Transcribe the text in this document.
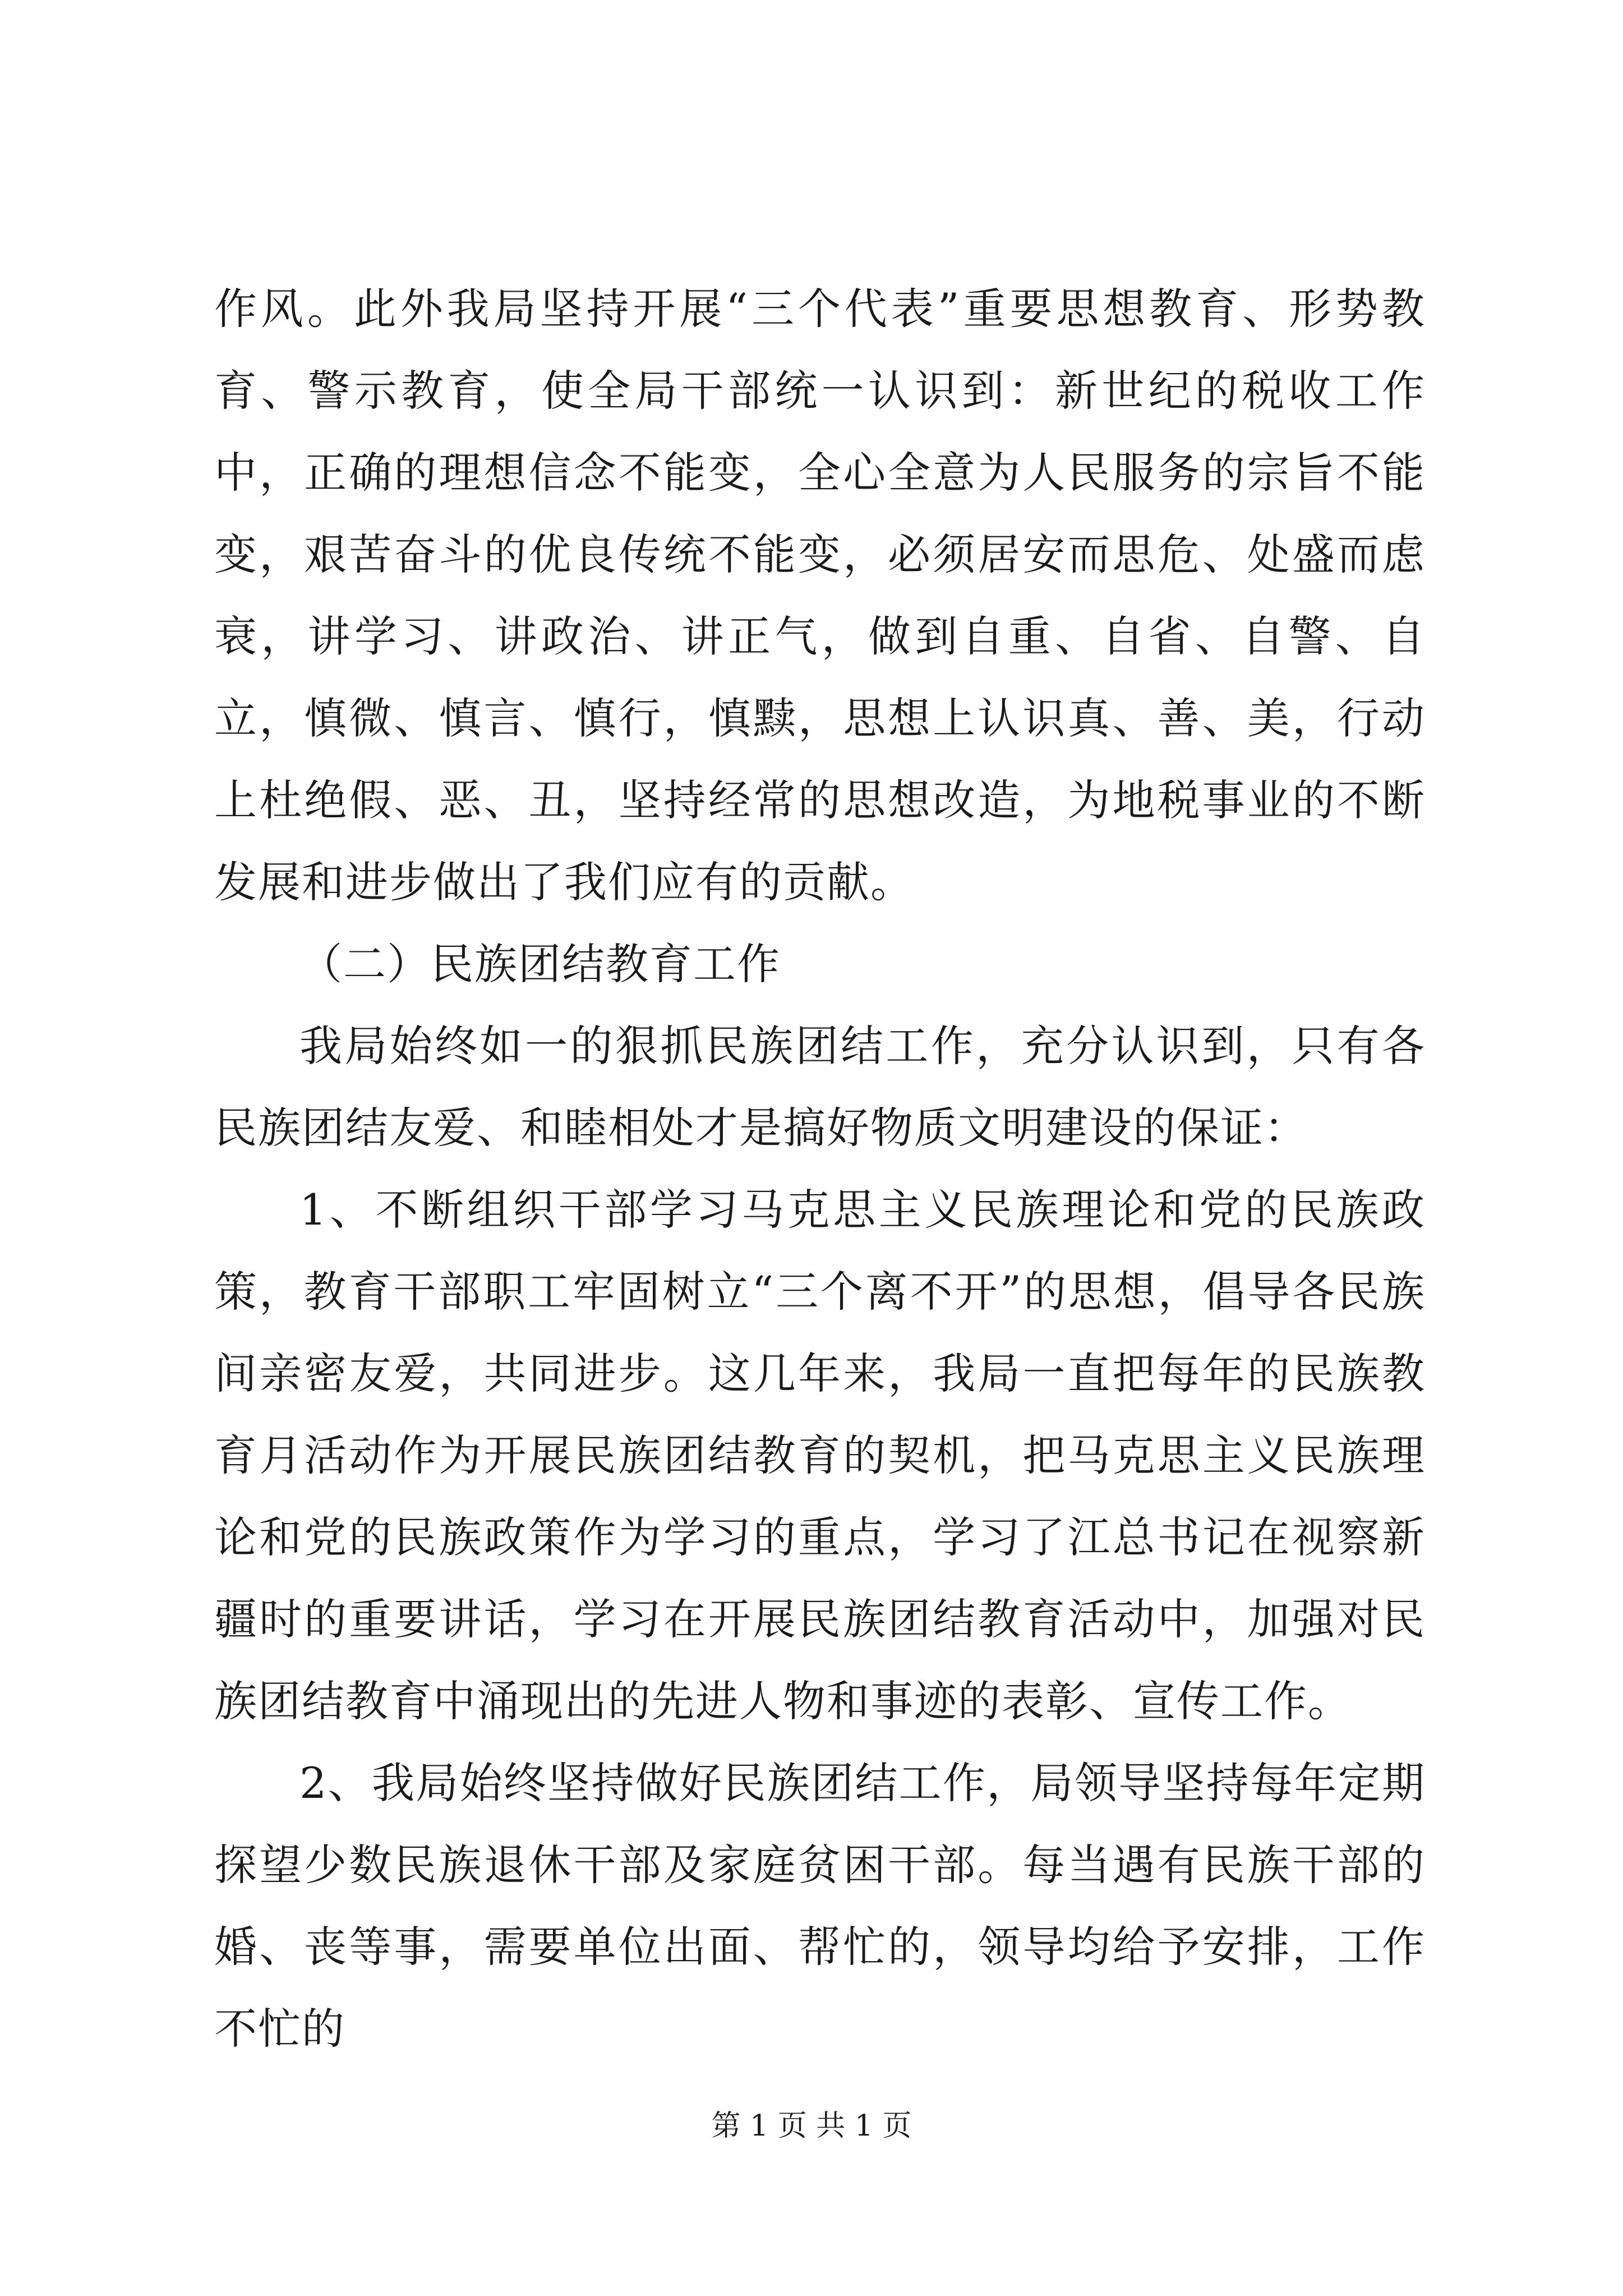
作风。此外我局坚持开展“三个代表”重要思想教育、形势教育、警示教育，使全局干部统一认识到：新世纪的税收工作中，正确的理想信念不能变，全心全意为人民服务的宗旨不能变，艰苦奋斗的优良传统不能变，必须居安而思危、处盛而虑衰，讲学习、讲政治、讲正气，做到自重、自省、自警、自立，慎微、慎言、慎行，慎黩，思想上认识真、善、美，行动上杜绝假、恶、丑，坚持经常的思想改造，为地税事业的不断发展和进步做出了我们应有的贡献。

（二）民族团结教育工作

我局始终如一的狠抓民族团结工作，充分认识到，只有各民族团结友爱、和睦相处才是搞好物质文明建设的保证：

1、不断组织干部学习马克思主义民族理论和党的民族政策，教育干部职工牢固树立“三个离不开”的思想，倡导各民族间亲密友爱，共同进步。这几年来，我局一直把每年的民族教育月活动作为开展民族团结教育的契机，把马克思主义民族理论和党的民族政策作为学习的重点，学习了江总书记在视察新疆时的重要讲话，学习在开展民族团结教育活动中，加强对民族团结教育中涌现出的先进人物和事迹的表彰、宣传工作。

2、我局始终坚持做好民族团结工作，局领导坚持每年定期探望少数民族退休干部及家庭贫困干部。每当遇有民族干部的婚、丧等事，需要单位出面、帮忙的，领导均给予安排，工作不忙的

第 1 页 共 1 页
